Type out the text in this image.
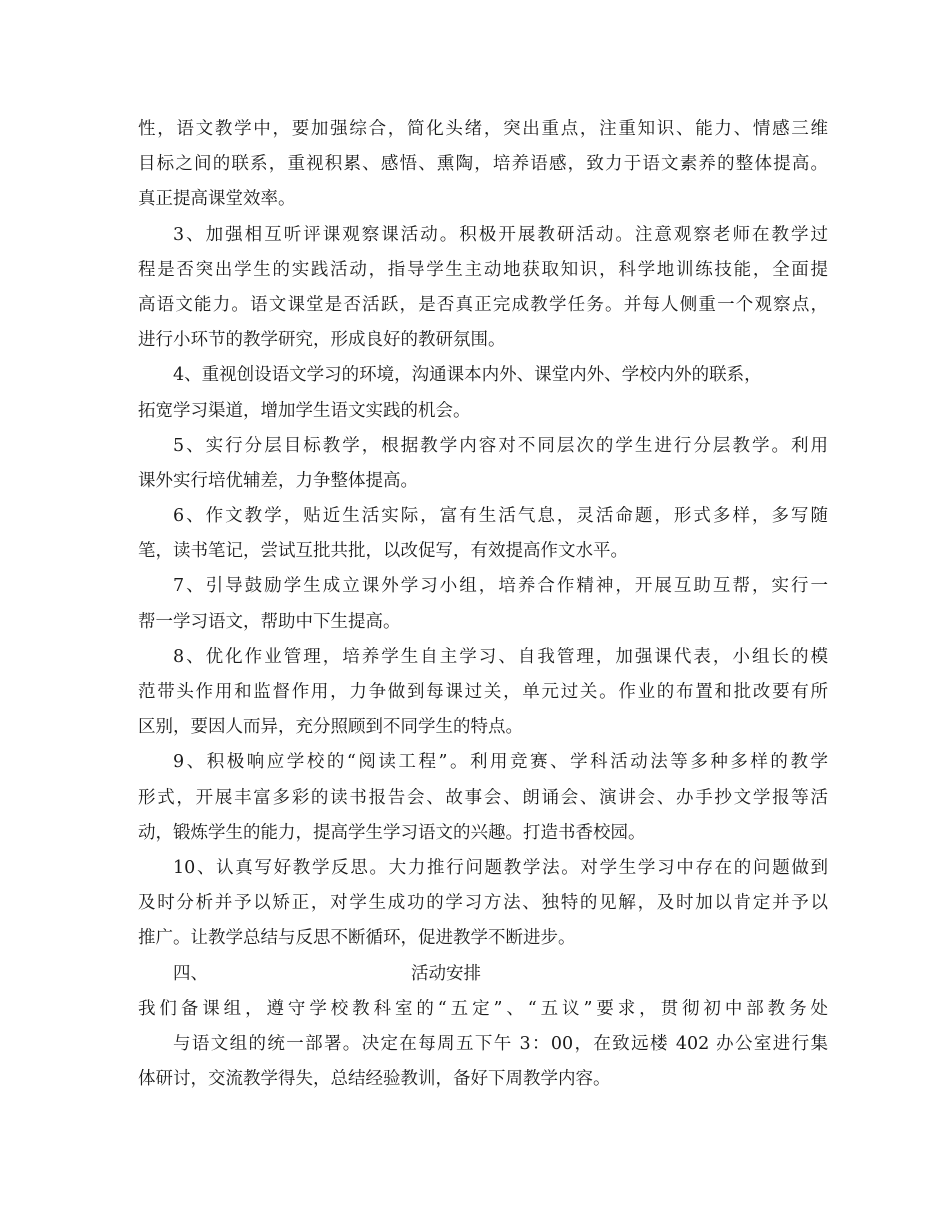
性，语文教学中，要加强综合，简化头绪，突出重点，注重知识、能力、情感三维
目标之间的联系，重视积累、感悟、熏陶，培养语感，致力于语文素养的整体提高。
真正提高课堂效率。
3、加强相互听评课观察课活动。积极开展教研活动。注意观察老师在教学过
程是否突出学生的实践活动，指导学生主动地获取知识，科学地训练技能，全面提
高语文能力。语文课堂是否活跃，是否真正完成教学任务。并每人侧重一个观察点，
进行小环节的教学研究，形成良好的教研氛围。
4、重视创设语文学习的环境，沟通课本内外、课堂内外、学校内外的联系，
拓宽学习渠道，增加学生语文实践的机会。
5、实行分层目标教学，根据教学内容对不同层次的学生进行分层教学。利用
课外实行培优辅差，力争整体提高。
6、作文教学，贴近生活实际，富有生活气息，灵活命题，形式多样，多写随
笔，读书笔记，尝试互批共批，以改促写，有效提高作文水平。
7、引导鼓励学生成立课外学习小组，培养合作精神，开展互助互帮，实行一
帮一学习语文，帮助中下生提高。
8、优化作业管理，培养学生自主学习、自我管理，加强课代表，小组长的模
范带头作用和监督作用，力争做到每课过关，单元过关。作业的布置和批改要有所
区别，要因人而异，充分照顾到不同学生的特点。
9、积极响应学校的“阅读工程”。利用竞赛、学科活动法等多种多样的教学
形式，开展丰富多彩的读书报告会、故事会、朗诵会、演讲会、办手抄文学报等活
动，锻炼学生的能力，提高学生学习语文的兴趣。打造书香校园。
10、认真写好教学反思。大力推行问题教学法。对学生学习中存在的问题做到
及时分析并予以矫正，对学生成功的学习方法、独特的见解，及时加以肯定并予以
推广。让教学总结与反思不断循环，促进教学不断进步。
四、	活动安排
我们备课组，遵守学校教科室的“五定”、“五议”要求，贯彻初中部教务处
与语文组的统一部署。决定在每周五下午 3：00，在致远楼 402 办公室进行集
体研讨，交流教学得失，总结经验教训，备好下周教学内容。
